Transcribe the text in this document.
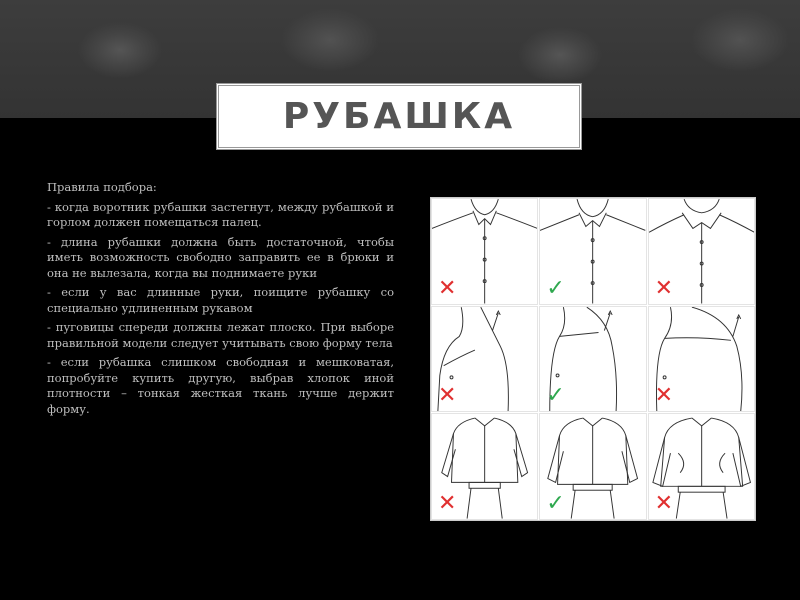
РУБАШКА

Правила подбора:

- когда воротник рубашки застегнут, между рубашкой и горлом должен помещаться палец.

- длина рубашки должна быть достаточной, чтобы иметь возможность свободно заправить ее в брюки и она не вылезала, когда вы поднимаете руки

- если у вас длинные руки, поищите рубашку со специально удлиненным рукавом

- пуговицы спереди должны лежат плоско. При выборе правильной модели следует учитывать свою форму тела

- если рубашка слишком свободная и мешковатая, попробуйте купить другую, выбрав хлопок иной плотности – тонкая жесткая ткань лучше держит форму.

✕	✓	✕
✕	✓	✕
✕	✓	✕
